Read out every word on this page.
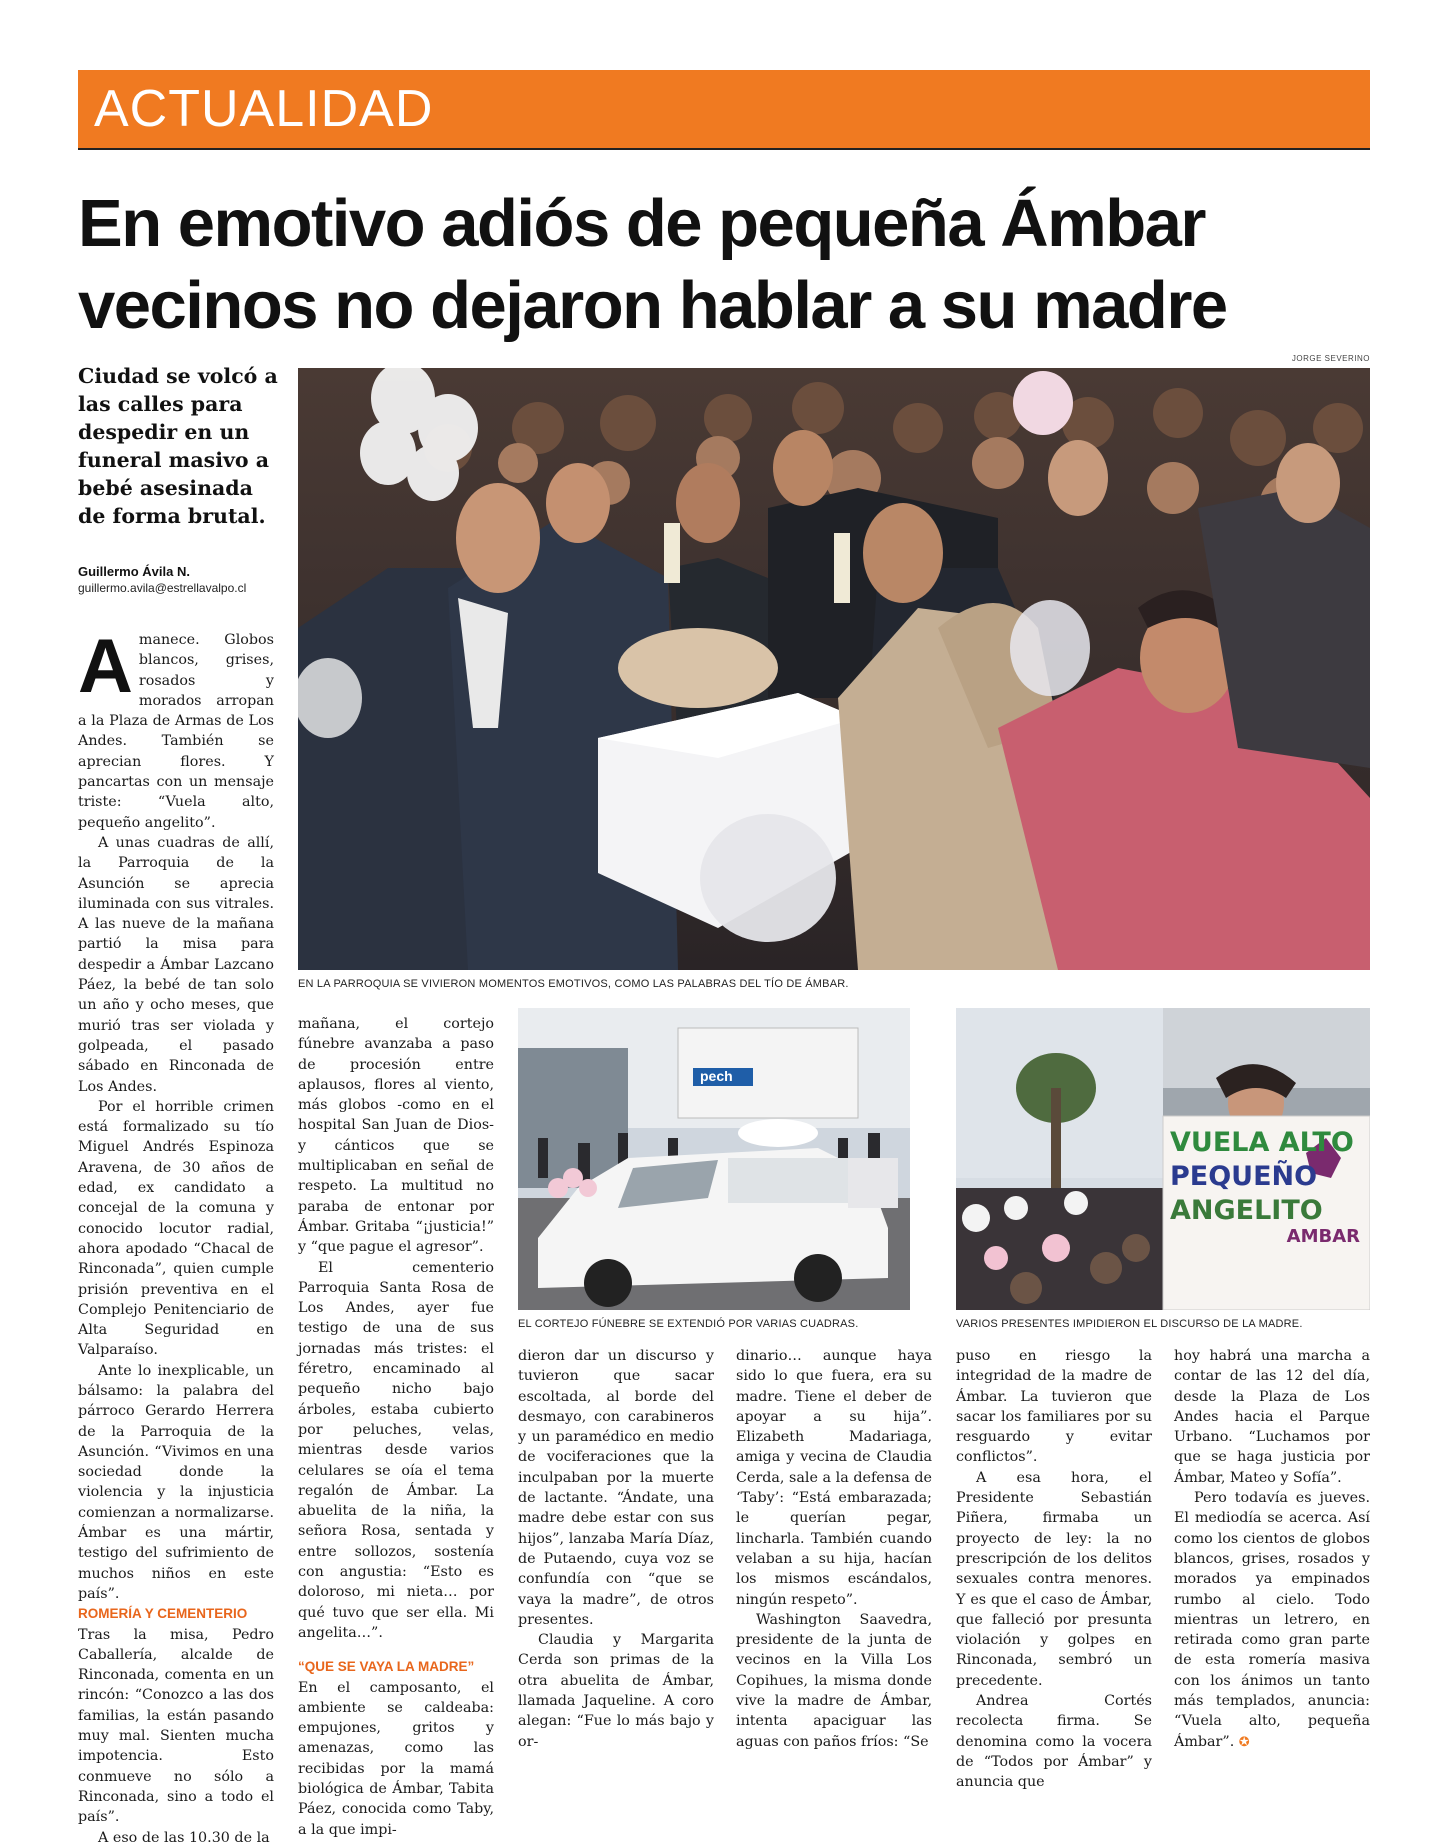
ACTUALIDAD
En emotivo adiós de pequeña Ámbar
vecinos no dejaron hablar a su madre
JORGE SEVERINO
Ciudad se volcó a las calles para despedir en un funeral masivo a bebé asesinada de forma brutal.
Guillermo Ávila N.
guillermo.avila@estrellavalpo.cl
EN LA PARROQUIA SE VIVIERON MOMENTOS EMOTIVOS, COMO LAS PALABRAS DEL TÍO DE ÁMBAR.
pech
EL CORTEJO FÚNEBRE SE EXTENDIÓ POR VARIAS CUADRAS.
VUELA ALTO
PEQUEÑO
ANGELITO
AMBAR
VARIOS PRESENTES IMPIDIERON EL DISCURSO DE LA MADRE.
A manece. Globos blancos, grises, rosados y morados arropan a la Plaza de Armas de Los Andes. También se aprecian flores. Y pancartas con un mensaje triste: “Vuela alto, pequeño angelito”.

A unas cuadras de allí, la Parroquia de la Asunción se aprecia iluminada con sus vitrales. A las nueve de la mañana partió la misa para despedir a Ámbar Lazcano Páez, la bebé de tan solo un año y ocho meses, que murió tras ser violada y golpeada, el pasado sábado en Rinconada de Los Andes.

Por el horrible crimen está formalizado su tío Miguel Andrés Espinoza Aravena, de 30 años de edad, ex candidato a concejal de la comuna y conocido locutor radial, ahora apodado “Chacal de Rinconada”, quien cumple prisión preventiva en el Complejo Penitenciario de Alta Seguridad en Valparaíso.

Ante lo inexplicable, un bálsamo: la palabra del párroco Gerardo Herrera de la Parroquia de la Asunción. “Vivimos en una sociedad donde la violencia y la injusticia comienzan a normalizarse. Ámbar es una mártir, testigo del sufrimiento de muchos niños en este país”.

ROMERÍA Y CEMENTERIO

Tras la misa, Pedro Caballería, alcalde de Rinconada, comenta en un rincón: “Conozco a las dos familias, la están pasando muy mal. Sienten mucha impotencia. Esto conmueve no sólo a Rinconada, sino a todo el país”.

A eso de las 10.30 de la

mañana, el cortejo fúnebre avanzaba a paso de procesión entre aplausos, flores al viento, más globos -como en el hospital San Juan de Dios- y cánticos que se multiplicaban en señal de respeto. La multitud no paraba de entonar por Ámbar. Gritaba “¡justicia!” y “que pague el agresor”.

El cementerio Parroquia Santa Rosa de Los Andes, ayer fue testigo de una de sus jornadas más tristes: el féretro, encaminado al pequeño nicho bajo árboles, estaba cubierto por peluches, velas, mientras desde varios celulares se oía el tema regalón de Ámbar. La abuelita de la niña, la señora Rosa, sentada y entre sollozos, sostenía con angustia: “Esto es doloroso, mi nieta… por qué tuvo que ser ella. Mi angelita…”.

“QUE SE VAYA LA MADRE”

En el camposanto, el ambiente se caldeaba: empujones, gritos y amenazas, como las recibidas por la mamá biológica de Ámbar, Tabita Páez, conocida como Taby, a la que impi-

dieron dar un discurso y tuvieron que sacar escoltada, al borde del desmayo, con carabineros y un paramédico en medio de vociferaciones que la inculpaban por la muerte de lactante. “Ándate, una madre debe estar con sus hijos”, lanzaba María Díaz, de Putaendo, cuya voz se confundía con “que se vaya la madre”, de otros presentes.

Claudia y Margarita Cerda son primas de la otra abuelita de Ámbar, llamada Jaqueline. A coro alegan: “Fue lo más bajo y or-

dinario… aunque haya sido lo que fuera, era su madre. Tiene el deber de apoyar a su hija”. Elizabeth Madariaga, amiga y vecina de Claudia Cerda, sale a la defensa de ‘Taby’: “Está embarazada; le querían pegar, lincharla. También cuando velaban a su hija, hacían los mismos escándalos, ningún respeto”.

Washington Saavedra, presidente de la junta de vecinos en la Villa Los Copihues, la misma donde vive la madre de Ámbar, intenta apaciguar las aguas con paños fríos: “Se

puso en riesgo la integridad de la madre de Ámbar. La tuvieron que sacar los familiares por su resguardo y evitar conflictos”.

A esa hora, el Presidente Sebastián Piñera, firmaba un proyecto de ley: la no prescripción de los delitos sexuales contra menores. Y es que el caso de Ámbar, que falleció por presunta violación y golpes en Rinconada, sembró un precedente.

Andrea Cortés recolecta firma. Se denomina como la vocera de “Todos por Ámbar” y anuncia que

hoy habrá una marcha a contar de las 12 del día, desde la Plaza de Los Andes hacia el Parque Urbano. “Luchamos por que se haga justicia por Ámbar, Mateo y Sofía”.

Pero todavía es jueves. El mediodía se acerca. Así como los cientos de globos blancos, grises, rosados y morados ya empinados rumbo al cielo. Todo mientras un letrero, en retirada como gran parte de esta romería masiva con los ánimos un tanto más templados, anuncia: “Vuela alto, pequeña Ámbar”. ✪
